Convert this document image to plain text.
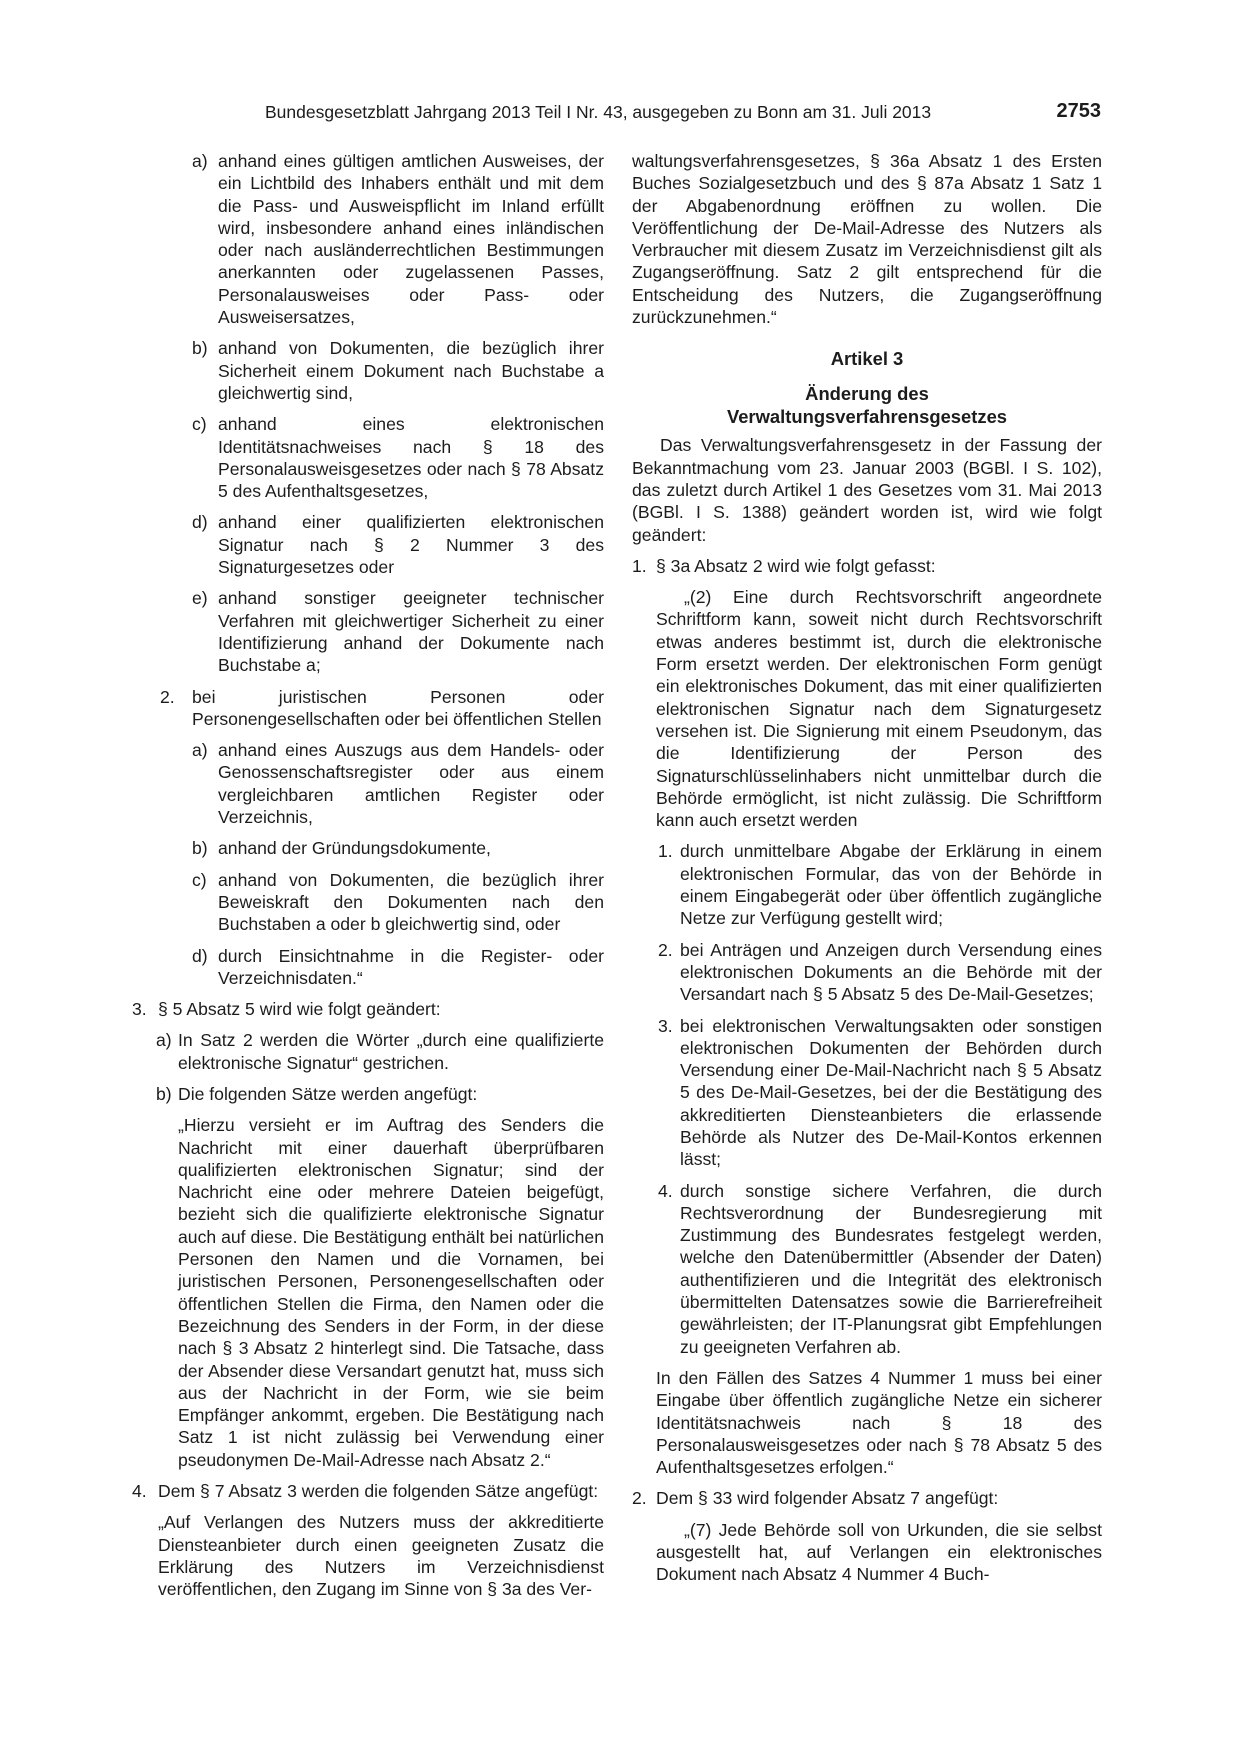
Bundesgesetzblatt Jahrgang 2013 Teil I Nr. 43, ausgegeben zu Bonn am 31. Juli 2013	2753
a) anhand eines gültigen amtlichen Ausweises, der ein Lichtbild des Inhabers enthält und mit dem die Pass- und Ausweispflicht im Inland erfüllt wird, insbesondere anhand eines inländischen oder nach ausländerrechtlichen Bestimmungen anerkannten oder zugelassenen Passes, Personalausweises oder Pass- oder Ausweisersatzes,
b) anhand von Dokumenten, die bezüglich ihrer Sicherheit einem Dokument nach Buchstabe a gleichwertig sind,
c) anhand eines elektronischen Identitätsnachweises nach § 18 des Personalausweisgesetzes oder nach § 78 Absatz 5 des Aufenthaltsgesetzes,
d) anhand einer qualifizierten elektronischen Signatur nach § 2 Nummer 3 des Signaturgesetzes oder
e) anhand sonstiger geeigneter technischer Verfahren mit gleichwertiger Sicherheit zu einer Identifizierung anhand der Dokumente nach Buchstabe a;
2. bei juristischen Personen oder Personengesellschaften oder bei öffentlichen Stellen
a) anhand eines Auszugs aus dem Handels- oder Genossenschaftsregister oder aus einem vergleichbaren amtlichen Register oder Verzeichnis,
b) anhand der Gründungsdokumente,
c) anhand von Dokumenten, die bezüglich ihrer Beweiskraft den Dokumenten nach den Buchstaben a oder b gleichwertig sind, oder
d) durch Einsichtnahme in die Register- oder Verzeichnisdaten.“
3. § 5 Absatz 5 wird wie folgt geändert:
a) In Satz 2 werden die Wörter „durch eine qualifizierte elektronische Signatur“ gestrichen.
b) Die folgenden Sätze werden angefügt:

„Hierzu versieht er im Auftrag des Senders die Nachricht mit einer dauerhaft überprüfbaren qualifizierten elektronischen Signatur; sind der Nachricht eine oder mehrere Dateien beigefügt, bezieht sich die qualifizierte elektronische Signatur auch auf diese. Die Bestätigung enthält bei natürlichen Personen den Namen und die Vornamen, bei juristischen Personen, Personengesellschaften oder öffentlichen Stellen die Firma, den Namen oder die Bezeichnung des Senders in der Form, in der diese nach § 3 Absatz 2 hinterlegt sind. Die Tatsache, dass der Absender diese Versandart genutzt hat, muss sich aus der Nachricht in der Form, wie sie beim Empfänger ankommt, ergeben. Die Bestätigung nach Satz 1 ist nicht zulässig bei Verwendung einer pseudonymen De-Mail-Adresse nach Absatz 2.“

4. Dem § 7 Absatz 3 werden die folgenden Sätze angefügt:

„Auf Verlangen des Nutzers muss der akkreditierte Diensteanbieter durch einen geeigneten Zusatz die Erklärung des Nutzers im Verzeichnisdienst veröffentlichen, den Zugang im Sinne von § 3a des Ver-

waltungsverfahrensgesetzes, § 36a Absatz 1 des Ersten Buches Sozialgesetzbuch und des § 87a Absatz 1 Satz 1 der Abgabenordnung eröffnen zu wollen. Die Veröffentlichung der De-Mail-Adresse des Nutzers als Verbraucher mit diesem Zusatz im Verzeichnisdienst gilt als Zugangseröffnung. Satz 2 gilt entsprechend für die Entscheidung des Nutzers, die Zugangseröffnung zurückzunehmen.“

Artikel 3
Änderung des
Verwaltungsverfahrensgesetzes

Das Verwaltungsverfahrensgesetz in der Fassung der Bekanntmachung vom 23. Januar 2003 (BGBl. I S. 102), das zuletzt durch Artikel 1 des Gesetzes vom 31. Mai 2013 (BGBl. I S. 1388) geändert worden ist, wird wie folgt geändert:

1. § 3a Absatz 2 wird wie folgt gefasst:

„(2) Eine durch Rechtsvorschrift angeordnete Schriftform kann, soweit nicht durch Rechtsvorschrift etwas anderes bestimmt ist, durch die elektronische Form ersetzt werden. Der elektronischen Form genügt ein elektronisches Dokument, das mit einer qualifizierten elektronischen Signatur nach dem Signaturgesetz versehen ist. Die Signierung mit einem Pseudonym, das die Identifizierung der Person des Signaturschlüsselinhabers nicht unmittelbar durch die Behörde ermöglicht, ist nicht zulässig. Die Schriftform kann auch ersetzt werden

1. durch unmittelbare Abgabe der Erklärung in einem elektronischen Formular, das von der Behörde in einem Eingabegerät oder über öffentlich zugängliche Netze zur Verfügung gestellt wird;
2. bei Anträgen und Anzeigen durch Versendung eines elektronischen Dokuments an die Behörde mit der Versandart nach § 5 Absatz 5 des De-Mail-Gesetzes;
3. bei elektronischen Verwaltungsakten oder sonstigen elektronischen Dokumenten der Behörden durch Versendung einer De-Mail-Nachricht nach § 5 Absatz 5 des De-Mail-Gesetzes, bei der die Bestätigung des akkreditierten Diensteanbieters die erlassende Behörde als Nutzer des De-Mail-Kontos erkennen lässt;
4. durch sonstige sichere Verfahren, die durch Rechtsverordnung der Bundesregierung mit Zustimmung des Bundesrates festgelegt werden, welche den Datenübermittler (Absender der Daten) authentifizieren und die Integrität des elektronisch übermittelten Datensatzes sowie die Barrierefreiheit gewährleisten; der IT-Planungsrat gibt Empfehlungen zu geeigneten Verfahren ab.

In den Fällen des Satzes 4 Nummer 1 muss bei einer Eingabe über öffentlich zugängliche Netze ein sicherer Identitätsnachweis nach § 18 des Personalausweisgesetzes oder nach § 78 Absatz 5 des Aufenthaltsgesetzes erfolgen.“

2. Dem § 33 wird folgender Absatz 7 angefügt:

„(7) Jede Behörde soll von Urkunden, die sie selbst ausgestellt hat, auf Verlangen ein elektronisches Dokument nach Absatz 4 Nummer 4 Buch-
